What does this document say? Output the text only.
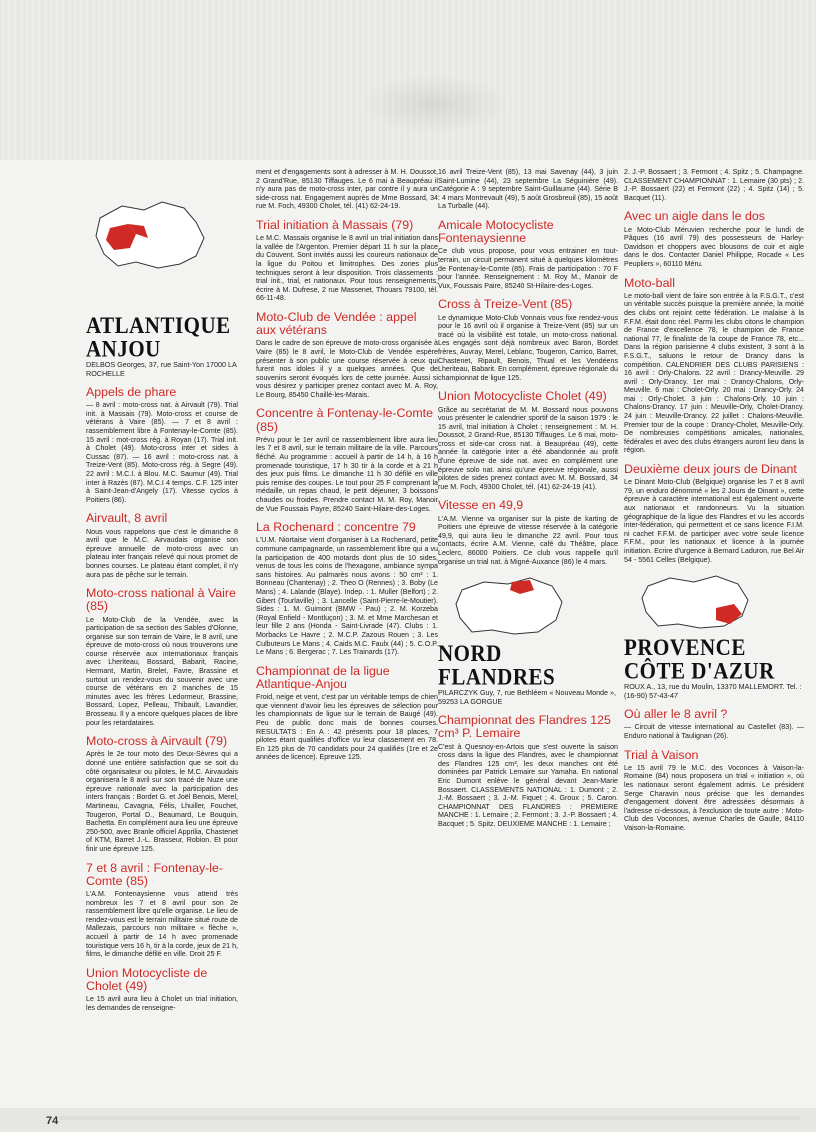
ATLANTIQUE ANJOU
DELBOS Georges, 37, rue Saint-Yon 17000 LA ROCHELLE
Appels de phare
— 8 avril : moto-cross nat. à Airvault (79). Trial init. à Massais (79). Moto-cross et course de vétérans à Vaire (85). — 7 et 8 avril : rassemblement libre à Fontenay-le-Comte (85). 15 avril : mot-cross rég. à Royan (17). Trial init. à Cholet (49). Moto-cross inter et sides à Cussac (87). — 16 avril : moto-cross nat. à Treize-Vent (85). Moto-cross rég. à Segre (49). 22 avril : M.C.I. à Blou. M.C. Saumur (49). Trial inter à Razès (87). M.C.I 4 temps. C.F. 125 inter à Saint-Jean-d'Angely (17). Vitesse cyclos à Poitiers (86).
Airvault, 8 avril
Nous vous rappelons que c'est le dimanche 8 avril que le M.C. Airvaudais organise son épreuve annuelle de moto-cross avec un plateau inter français relevé qui nous promet de bonnes courses. Le plateau étant complet, il n'y aura pas de pêche sur le terrain.
Moto-cross national à Vaire (85)
Le Moto-Club de la Vendée, avec la participation de sa section des Sables d'Olonne, organise sur son terrain de Vaire, le 8 avril, une épreuve de moto-cross où nous trouverons une course réservée aux internationaux français avec Lheriteau, Bossard, Babarit, Racine, Hermant, Martin, Brelet, Favre, Brassine et surtout un rendez-vous du souvenir avec une course de vétérans en 2 manches de 15 minutes avec les frères Ledormeur, Brassine, Bossard, Lopez, Pelleau, Thibault, Lavandier, Brosseau. Il y a encore quelques places de libre pour les retardataires.
Moto-cross à Airvault (79)
Après le 2e tour moto des Deux-Sèvres qui a donné une entière satisfaction que se soit du côté organisateur ou pilotes, le M.C. Airvaudais organisera le 8 avril sur son tracé de Nuze une épreuve nationale avec la participation des inters français : Bordet G. et Joël Benois, Merel, Martineau, Cavagna, Félis, Lhuiller, Fouchet, Tougeron, Portal D., Beaumard, Le Bouquin, Bachetta. En complément aura lieu une épreuve 250-500, avec Branle officiel Apprilia, Chastenet of KTM, Barret J.-L. Brasseur, Robion. Et pour finir une épreuve 125.
7 et 8 avril : Fontenay-le-Comte (85)
L'A.M. Fontenaysienne vous attend très nombreux les 7 et 8 avril pour son 2e rassemblement libre qu'elle organise. Le lieu de rendez-vous est le terrain militaire situé route de Mallezais, parcours non militaire « flèche », accueil à partir de 14 h avec promenade touristique vers 16 h, tir à la corde, jeux de 21 h, films, le dimanche défilé en ville. Droit 25 F.
Union Motocycliste de Cholet (49)
Le 15 avril aura lieu à Cholet un trial initiation, les demandes de renseigne-
ment et d'engagements sont à adresser à M. H. Doussot, 2 Grand'Rue, 85130 Tiffauges. Le 6 mai à Beaupréau il n'y aura pas de moto-cross inter, par contre il y aura un side-cross nat. Engagement auprès de Mme Bossard, 34 rue M. Foch, 49300 Cholet, tél. (41) 62-24-19.
Trial initiation à Massais (79)
Le M.C. Massais organise le 8 avril un trial initiation dans la vallée de l'Argenton. Premier départ 11 h sur la place du Couvent. Sont invités aussi les coureurs nationaux de la ligue du Poitou et limitrophes. Des zones plus techniques seront à leur disposition. Trois classements : trial init., trial, et nationaux. Pour tous renseignements, écrire à M. Dufrese, 2 rue Massenet, Thouars 79100, tél. 66-11-48.
Moto-Club de Vendée : appel aux vétérans
Dans le cadre de son épreuve de moto-cross organisée à Vaire (85) le 8 avril, le Moto-Club de Vendée espère présenter à son public une course réservée à ceux qui furent nos idoles il y a quelques années. Que de souvenirs seront évoqués lors de cette journée. Aussi si vous désirez y participer prenez contact avec M. A. Roy, Le Bourg, 85450 Chaillé-les-Marais.
Concentre à Fontenay-le-Comte (85)
Prévu pour le 1er avril ce rassemblement libre aura lieu les 7 et 8 avril, sur le terrain militaire de la ville. Parcours fléché. Au programme : accueil à partir de 14 h, à 16 h promenade touristique, 17 h 30 tir à la corde et à 21 h des jeux puis films. Le dimanche 11 h 30 défilé en ville puis remise des coupes. Le tout pour 25 F comprenant la médaille, un repas chaud, le petit déjeuner, 3 boissons chaudes ou froides. Prendre contact M. M. Roy, Manoir de Vue Foussais Payre, 85240 Saint-Hilaire-des-Loges.
La Rochenard : concentre 79
L'U.M. Niortaise vient d'organiser à La Rochenard, petite commune campagnarde, un rassemblement libre qui a vu la participation de 400 motards dont plus de 10 sides, venus de tous les coins de l'hexagone, ambiance sympa sans histoires. Au palmarès nous avons : 50 cm³ : 1. Bonneau (Chantenay) ; 2. Theo O (Rennes) ; 3. Boby (Le Mans) ; 4. Lalande (Blaye). Indep. : 1. Muller (Belfort) ; 2. Gibert (Tourlaville) ; 3. Lancelle (Saint-Pierre-le-Moutier). Sides : 1. M. Guimont (BMW - Pau) ; 2. M. Korzeba (Royal Enfield - Montluçon) ; 3. M. et Mme Marchesan et leur fille 2 ans (Honda - Saint-Livrade (47). Clubs : 1. Morbacks Le Havre ; 2. M.C.P. Zazous Rouen ; 3. Les Culbuteurs Le Mans ; 4. Caids M.C. Faulx (44) ; 5. C.O.P. Le Mans ; 6. Bergerac ; 7. Les Trainards (17).
Championnat de la ligue Atlantique-Anjou
Froid, neige et vent, c'est par un véritable temps de chien que viennent d'avoir lieu les épreuves de sélection pour les championnats de ligue sur le terrain de Baugé (49). Peu de public donc mais de bonnes courses. RESULTATS : En A : 42 présents pour 18 places, 7 pilotes étant qualifiés d'office vu leur classement en 78. En 125 plus de 70 candidats pour 24 qualifiés (1re et 2e années de licence). Epreuve 125.
16 avril Treize-Vent (85), 13 mai Savenay (44), 3 juin Saint-Lumine (44), 23 septembre La Séguinière (49). Catégorie A : 9 septembre Saint-Guillaume (44). Série B : 4 mars Montrevault (49), 5 août Grosbreuil (85), 15 août La Turballe (44).
Amicale Motocycliste Fontenaysienne
Ce club vous propose, pour vous entrainer en tout-terrain, un circuit permanent situé à quelques kilomètres de Fontenay-le-Comte (85). Frais de participation : 70 F pour l'année. Renseignement : M. Roy M., Manoir de Vux, Foussais Paire, 85240 St-Hilaire-des-Loges.
Cross à Treize-Vent (85)
Le dynamique Moto-Club Vonnais vous fixe rendez-vous pour le 16 avril où il organise à Treize-Vent (85) sur un tracé où la visibilité est totale, un moto-cross national. Les engagés sont déjà nombreux avec Baron, Bordet frères, Auvray, Merel, Leblanc, Tougeron, Carrico, Barret, Chastenet, Ripault, Benois, Thual et les Vendéens Lheriteau, Babarit. En complément, épreuve régionale du championnat de ligue 125.
Union Motocycliste Cholet (49)
Grâce au secrétariat de M. M. Bossard nous pouvons vous présenter le calendrier sportif de la saison 1979 : le 15 avril, trial initiation à Cholet ; renseignement : M. H. Doussot, 2 Grand-Rue, 85130 Tiffauges. Le 6 mai, moto-cross et side-car cross nat. à Beaupréau (49), cette année la catégorie inter a été abandonnée au profit d'une épreuve de side nat. avec en complément une épreuve solo nat. ainsi qu'une épreuve régionale, aussi pilotes de sides prenez contact avec M. M. Bossard, 34 rue M. Foch, 49300 Cholet, tél. (41) 62-24-19 (41).
Vitesse en 49,9
L'A.M. Vienne va organiser sur la piste de karting de Poitiers une épreuve de vitesse réservée à la catégorie 49,9, qui aura lieu le dimanche 22 avril. Pour tous contacts, écrire A.M. Vienne, café du Théâtre, place Leclerc, 86000 Poitiers. Ce club vous rappelle qu'il organise un trial nat. à Migné-Auxance (86) le 4 mars.
NORD FLANDRES
PILARCZYK Guy, 7, rue Bethléem « Nouveau Monde », 59253 LA GORGUE
Championnat des Flandres 125 cm³ P. Lemaire
C'est à Quesnoy-en-Artois que s'est ouverte la saison cross dans la ligue des Flandres, avec le championnat des Flandres 125 cm³, les deux manches ont été dominées par Patrick Lemaire sur Yamaha. En national Eric Dumont enlève le général devant Jean-Marie Bossaert. CLASSEMENTS NATIONAL : 1. Dumont ; 2. J.-M. Bossaert ; 3. J.-M. Fiquet ; 4. Groux ; 5. Caron. CHAMPIONNAT DES FLANDRES : PREMIERE MANCHE : 1. Lemaire ; 2. Fermont ; 3. J.-P. Bossaert ; 4. Bacquet ; 5. Spitz. DEUXIEME MANCHE : 1. Lemaire ;
2. J.-P. Bossaert ; 3. Fermont ; 4. Spitz ; 5. Champagne. CLASSEMENT CHAMPIONNAT : 1. Lemaire (30 pts) ; 2. J.-P. Bossaert (22) et Fermont (22) ; 4. Spitz (14) ; 5. Bacquet (11).
Avec un aigle dans le dos
Le Moto-Club Méruvien recherche pour le lundi de Pâques (16 avril 79) des possesseurs de Harley-Davidson et choppers avec blousons de cuir et aigle dans le dos. Contacter Daniel Philippe, Rocade « Les Peupliers », 60110 Méru.
Moto-ball
Le moto-ball vient de faire son entrée à la F.S.G.T., c'est un véritable succès puisque la première année, la moitié des clubs ont rejoint cette fédération. Le malaise à la F.F.M. était donc réel. Parmi les clubs citons le champion de France d'excellence 78, le champion de France national 77, le finaliste de la coupe de France 78, etc... Dans la région parisienne 4 clubs existent, 3 sont à la F.S.G.T., saluons le retour de Drancy dans la compétition. CALENDRIER DES CLUBS PARISIENS : 16 avril : Orly-Chalons. 22 avril : Drancy-Meuville. 29 avril : Orly-Drancy. 1er mai : Drancy-Chalons, Orly-Meuville. 6 mai : Cholet-Orly. 20 mai : Drancy-Orly. 24 mai : Orly-Cholet. 3 juin : Chalons-Orly. 10 juin : Chalons-Drancy. 17 juin : Meuville-Orly, Cholet-Drancy. 24 juin : Meuville-Drancy. 22 juillet : Chalons-Meuville. Premier tour de la coupe : Drancy-Cholet, Meuville-Orly. De nombreuses compétitions amicales, nationales, fédérales et avec des clubs étrangers auront lieu dans la région.
Deuxième deux jours de Dinant
Le Dinant Moto-Club (Belgique) organise les 7 et 8 avril 79, un enduro dénommé « les 2 Jours de Dinant », cette épreuve à caractère international est également ouverte aux nationaux et randonneurs. Vu la situation géographique de la ligue des Flandres et vu les accords inter-fédération, qui permettent et ce sans licence F.I.M. ni cachet F.F.M. de participer avec votre seule licence F.F.M., pour les nationaux et licence à la journée initiation. Ecrire d'urgence à Bernard Laduron, rue Bel Air 54 - 5561 Celles (Belgique).
PROVENCE CÔTE D'AZUR
ROUX A., 13, rue du Moulin, 13370 MALLEMORT. Tel. : (16-90) 57-43-47
Où aller le 8 avril ?
— Circuit de vitesse international au Castellet (83). — Enduro national à Taulignan (26).
Trial à Vaison
Le 15 avril 79 le M.C. des Voconces à Vaison-la-Romaine (84) nous proposera un trial « initiation », où les nationaux seront également admis. Le président Serge Charavin nous précise que les demandes d'engagement doivent être adressées désormais à l'adresse ci-dessous, à l'exclusion de toute autre : Moto-Club des Voconces, avenue Charles de Gaulle, 84110 Vaison-la-Romaine.
74
